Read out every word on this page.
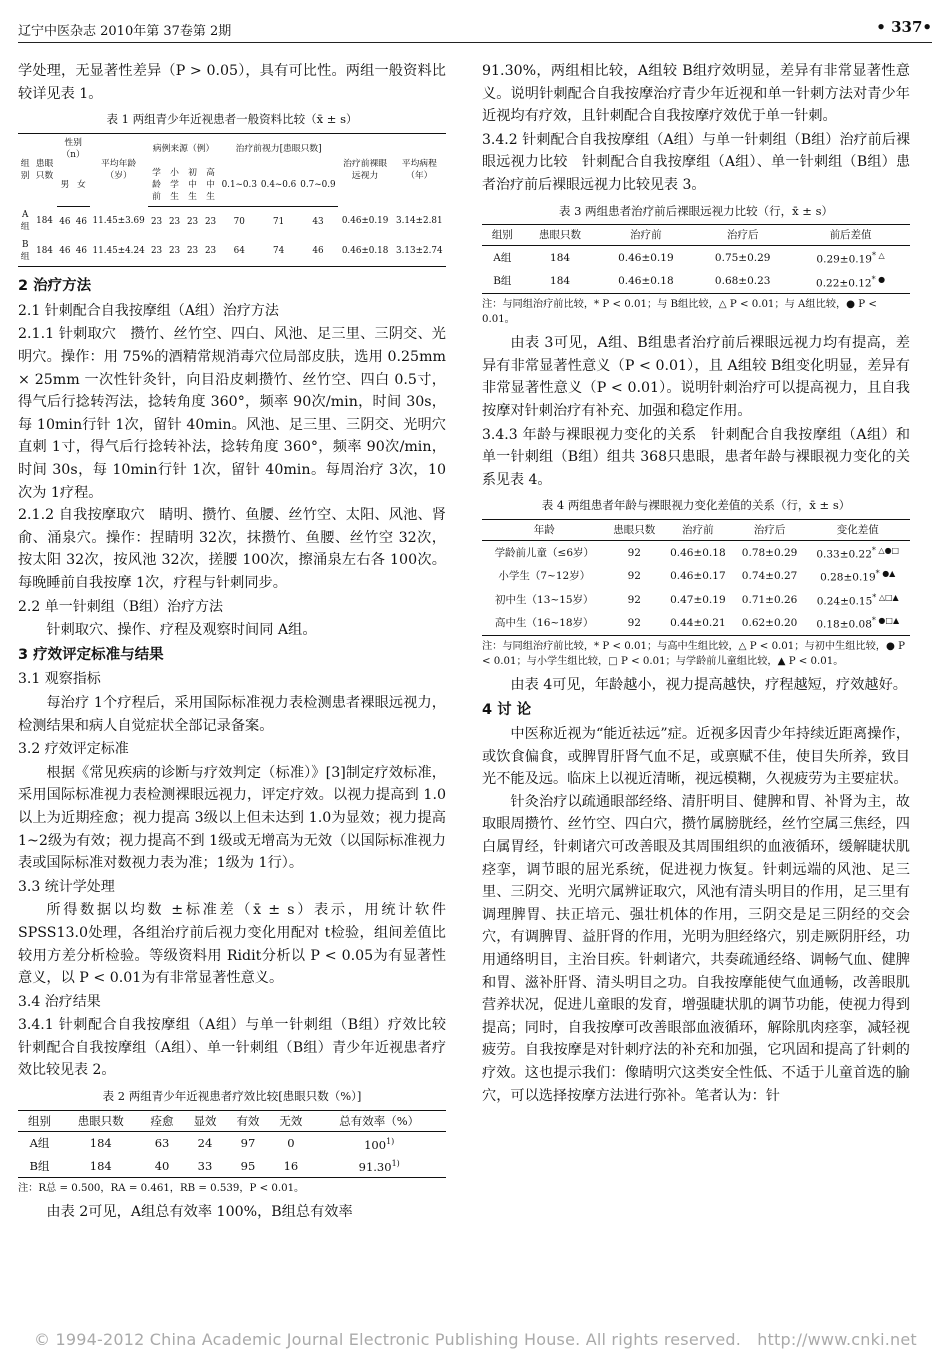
辽宁中医杂志 2010年第 37卷第 2期	• 337•

学处理，无显著性差异（P > 0.05），具有可比性。两组一般资料比较详见表 1。

表 1 两组青少年近视患者一般资料比较（x̄ ± s）
组别	患眼只数	性别（n）		平均年龄（岁）	病例来源（例）				治疗前视力[患眼只数]			治疗前裸眼远视力	平均病程（年）
		男	女		学龄前	小学生	初中生	高中生	0.1~0.3	0.4~0.6	0.7~0.9		
A组	184	46	46	11.45±3.69	23	23	23	23	70	71	43	0.46±0.19	3.14±2.81
B组	184	46	46	11.45±4.24	23	23	23	23	64	74	46	0.46±0.18	3.13±2.74
2 治疗方法
2.1 针刺配合自我按摩组（A组）治疗方法

2.1.1 针刺取穴　 攒竹、丝竹空、四白、风池、足三里、三阴交、光明穴。操作：用 75%的酒精常规消毒穴位局部皮肤，选用 0.25mm × 25mm 一次性针灸针，向目沿皮刺攒竹、丝竹空、四白 0.5寸，得气后行捻转泻法，捻转角度 360°，频率 90次/min，时间 30s，每 10min行针 1次，留针 40min。风池、足三里、三阴交、光明穴直刺 1寸，得气后行捻转补法，捻转角度 360°，频率 90次/min，时间 30s，每 10min行针 1次，留针 40min。每周治疗 3次，10次为 1疗程。

2.1.2 自我按摩取穴　 睛明、攒竹、鱼腰、丝竹空、太阳、风池、肾俞、涌泉穴。操作：捏睛明 32次，抹攒竹、鱼腰、丝竹空 32次，按太阳 32次，按风池 32次，搓腰 100次，擦涌泉左右各 100次。每晚睡前自我按摩 1次，疗程与针刺同步。

2.2 单一针刺组（B组）治疗方法

针刺取穴、操作、疗程及观察时间同 A组。

3 疗效评定标准与结果
3.1 观察指标

每治疗 1个疗程后，采用国际标准视力表检测患者裸眼远视力，检测结果和病人自觉症状全部记录备案。

3.2 疗效评定标准

根据《常见疾病的诊断与疗效判定（标准）》[3]制定疗效标准，采用国际标准视力表检测裸眼远视力，评定疗效。以视力提高到 1.0以上为近期痊愈；视力提高 3级以上但未达到 1.0为显效；视力提高 1~2级为有效；视力提高不到 1级或无增高为无效（以国际标准视力表或国际标准对数视力表为准；1级为 1行）。

3.3 统计学处理

所得数据以均数 ±标准差（x̄ ± s）表示，用统计软件 SPSS13.0处理，各组治疗前后视力变化用配对 t检验，组间差值比较用方差分析检验。等级资料用 Ridit分析以 P < 0.05为有显著性意义，以 P < 0.01为有非常显著性意义。

3.4 治疗结果

3.4.1 针刺配合自我按摩组（A组）与单一针刺组（B组）疗效比较　针刺配合自我按摩组（A组）、单一针刺组（B组）青少年近视患者疗效比较见表 2。

表 2 两组青少年近视患者疗效比较[患眼只数（%）]
组别	患眼只数	痊愈	显效	有效	无效	总有效率（%）
A组	184	63	24	97	0	100$^{1)}$
B组	184	40	33	95	16	91.30$^{1)}$
注：R总 = 0.500，RA = 0.461，RB = 0.539，P < 0.01。

由表 2可见，A组总有效率 100%，B组总有效率

91.30%，两组相比较，A组较 B组疗效明显，差异有非常显著性意义。说明针刺配合自我按摩治疗青少年近视和单一针刺方法对青少年近视均有疗效，且针刺配合自我按摩疗效优于单一针刺。

3.4.2 针刺配合自我按摩组（A组）与单一针刺组（B组）治疗前后裸眼远视力比较　针刺配合自我按摩组（A组）、单一针刺组（B组）患者治疗前后裸眼远视力比较见表 3。

表 3 两组患者治疗前后裸眼远视力比较（行，x̄ ± s）
组别	患眼只数	治疗前	治疗后	前后差值
A组	184	0.46±0.19	0.75±0.29	0.29±0.19* △
B组	184	0.46±0.18	0.68±0.23	0.22±0.12* ●
注：与同组治疗前比较，* P < 0.01；与 B组比较，△ P < 0.01；与 A组比较，● P < 0.01。

由表 3可见，A组、B组患者治疗前后裸眼远视力均有提高，差异有非常显著性意义（P < 0.01），且 A组较 B组变化明显，差异有非常显著性意义（P < 0.01）。说明针刺治疗可以提高视力，且自我按摩对针刺治疗有补充、加强和稳定作用。

3.4.3 年龄与裸眼视力变化的关系　针刺配合自我按摩组（A组）和单一针刺组（B组）组共 368只患眼，患者年龄与裸眼视力变化的关系见表 4。

表 4 两组患者年龄与裸眼视力变化差值的关系（行，x̄ ± s）
年龄	患眼只数	治疗前	治疗后	变化差值
学龄前儿童（≤6岁）	92	0.46±0.18	0.78±0.29	0.33±0.22* △●□
小学生（7~12岁）	92	0.46±0.17	0.74±0.27	0.28±0.19* ●▲
初中生（13~15岁）	92	0.47±0.19	0.71±0.26	0.24±0.15* △□▲
高中生（16~18岁）	92	0.44±0.21	0.62±0.20	0.18±0.08* ●□▲
注：与同组治疗前比较，* P < 0.01；与高中生组比较，△ P < 0.01；与初中生组比较，● P < 0.01；与小学生组比较，□ P < 0.01；与学龄前儿童组比较，▲ P < 0.01。

由表 4可见，年龄越小，视力提高越快，疗程越短，疗效越好。

4 讨 论

中医称近视为“能近祛远”症。近视多因青少年持续近距离操作，或饮食偏食，或脾胃肝肾气血不足，或禀赋不佳，使目失所养，致目光不能及远。临床上以视近清晰，视远模糊，久视疲劳为主要症状。

针灸治疗以疏通眼部经络、清肝明目、健脾和胃、补肾为主，故取眼周攒竹、丝竹空、四白穴，攒竹属膀胱经，丝竹空属三焦经，四白属胃经，针刺诸穴可改善眼及其周围组织的血液循环，缓解睫状肌痉挛，调节眼的屈光系统，促进视力恢复。针刺远端的风池、足三里、三阴交、光明穴属辨证取穴，风池有清头明目的作用，足三里有调理脾胃、扶正培元、强壮机体的作用，三阴交是足三阴经的交会穴，有调脾胃、益肝肾的作用，光明为胆经络穴，别走厥阴肝经，功用通络明目，主治目疾。针刺诸穴，共奏疏通经络、调畅气血、健脾和胃、滋补肝肾、清头明目之功。自我按摩能使气血通畅，改善眼肌营养状况，促进儿童眼的发育，增强睫状肌的调节功能，使视力得到提高；同时，自我按摩可改善眼部血液循环，解除肌肉痉挛，减轻视疲劳。自我按摩是对针刺疗法的补充和加强，它巩固和提高了针刺的疗效。这也提示我们：像睛明穴这类安全性低、不适于儿童首选的腧穴，可以选择按摩方法进行弥补。笔者认为：针

© 1994-2012 China Academic Journal Electronic Publishing House. All rights reserved.　http://www.cnki.net
